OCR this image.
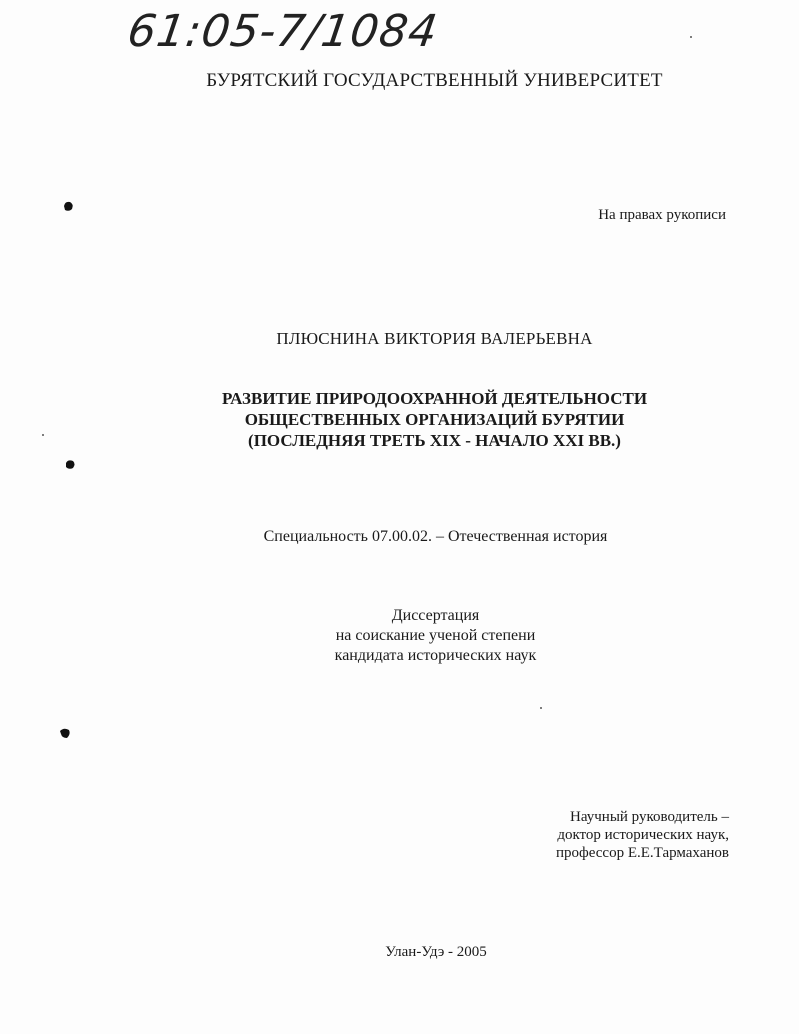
61:05-7/1084
БУРЯТСКИЙ ГОСУДАРСТВЕННЫЙ УНИВЕРСИТЕТ
На правах рукописи
ПЛЮСНИНА ВИКТОРИЯ ВАЛЕРЬЕВНА
РАЗВИТИЕ ПРИРОДООХРАННОЙ ДЕЯТЕЛЬНОСТИ
ОБЩЕСТВЕННЫХ ОРГАНИЗАЦИЙ БУРЯТИИ
(ПОСЛЕДНЯЯ ТРЕТЬ XIX - НАЧАЛО XXI ВВ.)
Специальность 07.00.02. – Отечественная история
Диссертация
на соискание ученой степени
кандидата исторических наук
Научный руководитель –
доктор исторических наук,
профессор Е.Е.Тармаханов
Улан-Удэ - 2005
